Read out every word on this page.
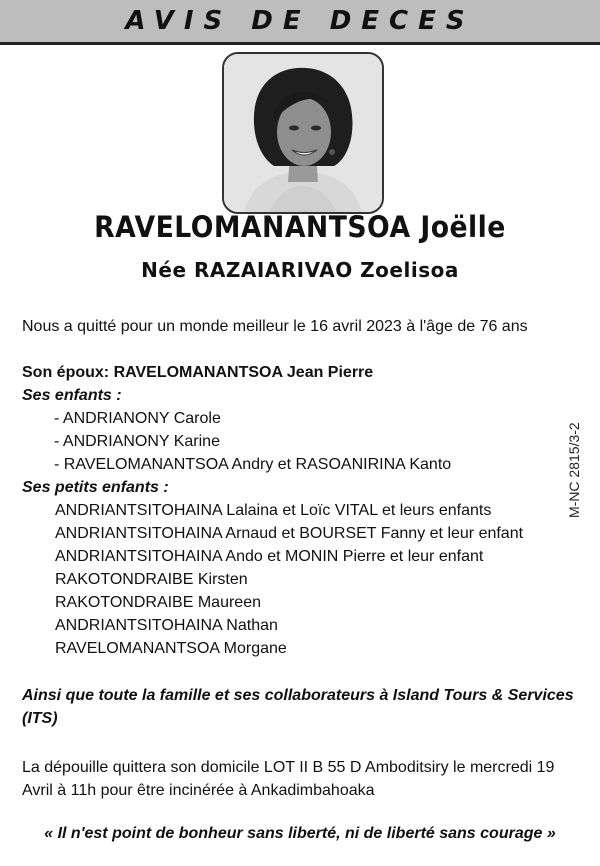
AVIS DE DECES
RAVELOMANANTSOA Joëlle
Née RAZAIARIVAO Zoelisoa
Nous a quitté pour un monde meilleur le 16 avril 2023 à l'âge de 76 ans
Son époux: RAVELOMANANTSOA Jean Pierre
Ses enfants :
- ANDRIANONY Carole
- ANDRIANONY Karine
- RAVELOMANANTSOA Andry et RASOANIRINA Kanto
Ses petits enfants :
ANDRIANTSITOHAINA Lalaina et Loïc VITAL et leurs enfants
ANDRIANTSITOHAINA Arnaud et BOURSET Fanny et leur enfant
ANDRIANTSITOHAINA Ando et MONIN Pierre et leur enfant
RAKOTONDRAIBE Kirsten
RAKOTONDRAIBE Maureen
ANDRIANTSITOHAINA Nathan
RAVELOMANANTSOA Morgane
M-NC 2815/3-2
Ainsi que toute la famille et ses collaborateurs à Island Tours & Services (ITS)
La dépouille quittera son domicile LOT II B 55 D Amboditsiry le mercredi 19 Avril à 11h pour être incinérée à Ankadimbahoaka
« Il n'est point de bonheur sans liberté, ni de liberté sans courage »
